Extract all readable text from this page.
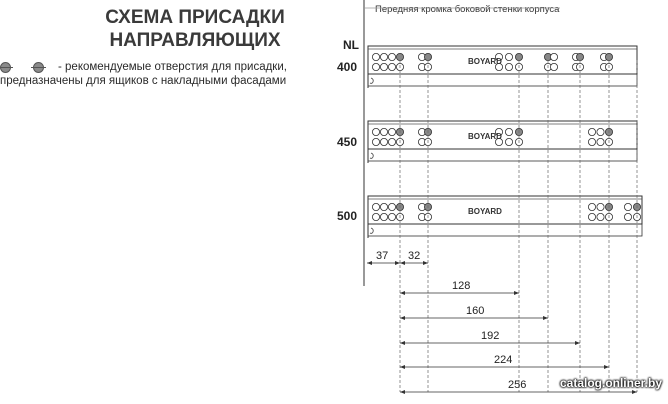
СХЕМА ПРИСАДКИ
НАПРАВЛЯЮЩИХ
- рекомендуемые отверстия для присадки,
предназначены для ящиков с накладными фасадами
Передняя кромка боковой стенки корпуса
NL
400
450
500
BOYARD
BOYARD
BOYARD
37 32
128
160
192
224
256	catalog.onliner.by
